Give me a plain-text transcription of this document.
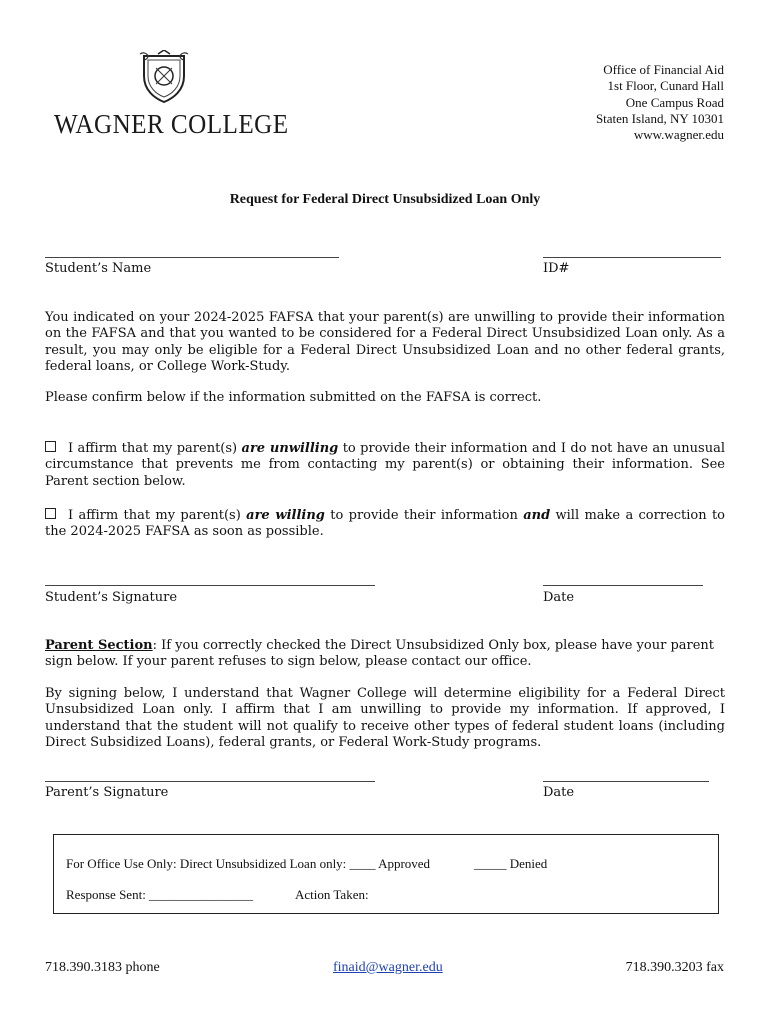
WAGNER COLLEGE
Office of Financial Aid
1st Floor, Cunard Hall
One Campus Road
Staten Island, NY 10301
www.wagner.edu
Request for Federal Direct Unsubsidized Loan Only
Student’s Name	ID#
You indicated on your 2024-2025 FAFSA that your parent(s) are unwilling to provide their information on the FAFSA and that you wanted to be considered for a Federal Direct Unsubsidized Loan only. As a result, you may only be eligible for a Federal Direct Unsubsidized Loan and no other federal grants, federal loans, or College Work-Study.
Please confirm below if the information submitted on the FAFSA is correct.
I affirm that my parent(s) are unwilling to provide their information and I do not have an unusual circumstance that prevents me from contacting my parent(s) or obtaining their information. See Parent section below.
I affirm that my parent(s) are willing to provide their information and will make a correction to the 2024-2025 FAFSA as soon as possible.
Student’s Signature	Date
Parent Section: If you correctly checked the Direct Unsubsidized Only box, please have your parent sign below. If your parent refuses to sign below, please contact our office.
By signing below, I understand that Wagner College will determine eligibility for a Federal Direct Unsubsidized Loan only. I affirm that I am unwilling to provide my information. If approved, I understand that the student will not qualify to receive other types of federal student loans (including Direct Subsidized Loans), federal grants, or Federal Work-Study programs.
Parent’s Signature	Date
For Office Use Only: Direct Unsubsidized Loan only: ____ Approved	_____ Denied
Response Sent: ________________	Action Taken:
718.390.3183 phone	finaid@wagner.edu	718.390.3203 fax
